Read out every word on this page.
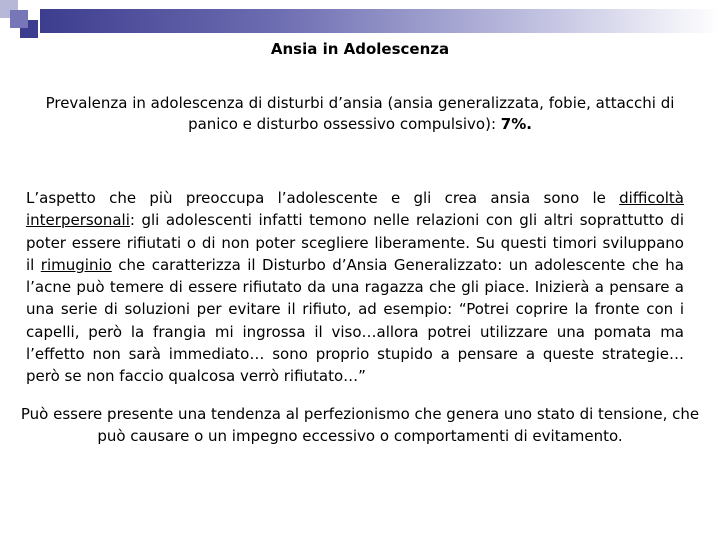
Ansia in Adolescenza
Prevalenza in adolescenza di disturbi d’ansia (ansia generalizzata, fobie, attacchi di panico e disturbo ossessivo compulsivo): 7%.
L’aspetto che più preoccupa l’adolescente e gli crea ansia sono le difficoltà interpersonali: gli adolescenti infatti temono nelle relazioni con gli altri soprattutto di poter essere rifiutati o di non poter scegliere liberamente. Su questi timori sviluppano il rimuginio che caratterizza il Disturbo d’Ansia Generalizzato: un adolescente che ha l’acne può temere di essere rifiutato da una ragazza che gli piace. Inizierà a pensare a una serie di soluzioni per evitare il rifiuto, ad esempio: “Potrei coprire la fronte con i capelli, però la frangia mi ingrossa il viso…allora potrei utilizzare una pomata ma l’effetto non sarà immediato… sono proprio stupido a pensare a queste strategie… però se non faccio qualcosa verrò rifiutato…”
Può essere presente una tendenza al perfezionismo che genera uno stato di tensione, che può causare o un impegno eccessivo o comportamenti di evitamento.
